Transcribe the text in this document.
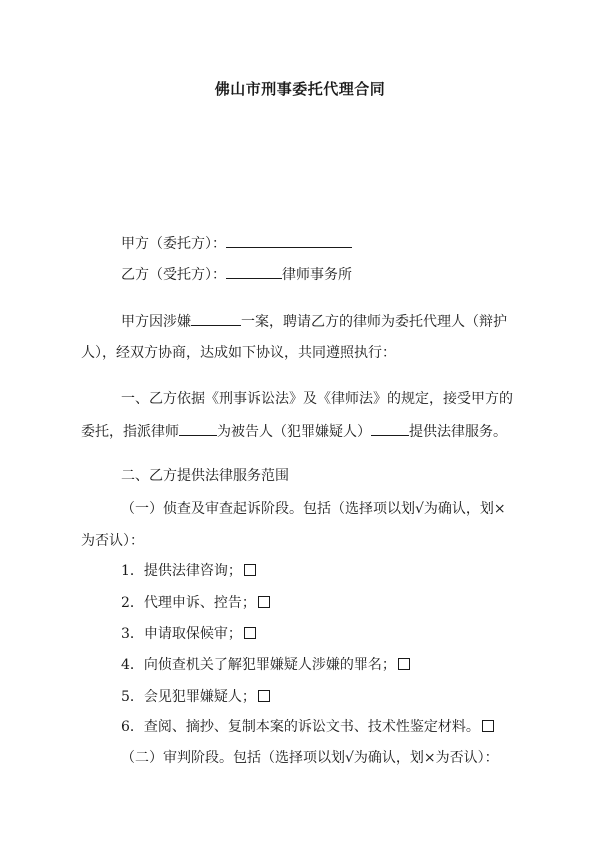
佛山市刑事委托代理合同
甲方（委托方）：
乙方（受托方）：	律师事务所
甲方因涉嫌	一案，聘请乙方的律师为委托代理人（辩护
人），经双方协商，达成如下协议，共同遵照执行：
一、乙方依据《刑事诉讼法》及《律师法》的规定，接受甲方的
委托，指派律师	为被告人（犯罪嫌疑人）	提供法律服务。
二、乙方提供法律服务范围
（一）侦查及审查起诉阶段。包括（选择项以划√为确认，划×
为否认）：
1．提供法律咨询；
2．代理申诉、控告；
3．申请取保候审；
4．向侦查机关了解犯罪嫌疑人涉嫌的罪名；
5．会见犯罪嫌疑人；
6．查阅、摘抄、复制本案的诉讼文书、技术性鉴定材料。
（二）审判阶段。包括（选择项以划√为确认，划×为否认）：
